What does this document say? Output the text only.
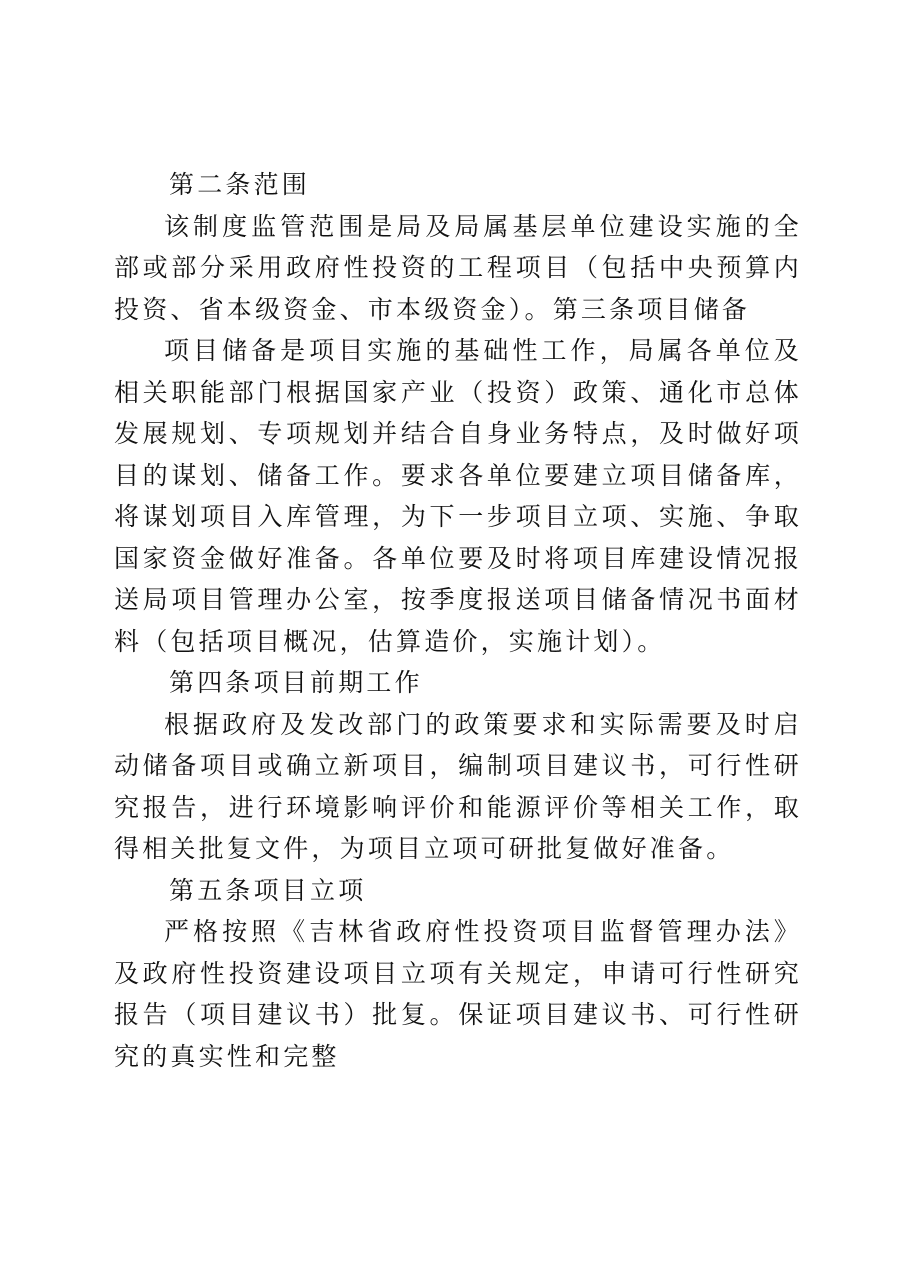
第二条范围

该制度监管范围是局及局属基层单位建设实施的全部或部分采用政府性投资的工程项目（包括中央预算内投资、省本级资金、市本级资金）。第三条项目储备

项目储备是项目实施的基础性工作，局属各单位及相关职能部门根据国家产业（投资）政策、通化市总体发展规划、专项规划并结合自身业务特点，及时做好项目的谋划、储备工作。要求各单位要建立项目储备库，将谋划项目入库管理，为下一步项目立项、实施、争取国家资金做好准备。各单位要及时将项目库建设情况报送局项目管理办公室，按季度报送项目储备情况书面材料（包括项目概况，估算造价，实施计划）。

第四条项目前期工作

根据政府及发改部门的政策要求和实际需要及时启动储备项目或确立新项目，编制项目建议书，可行性研究报告，进行环境影响评价和能源评价等相关工作，取得相关批复文件，为项目立项可研批复做好准备。

第五条项目立项

严格按照《吉林省政府性投资项目监督管理办法》及政府性投资建设项目立项有关规定，申请可行性研究报告（项目建议书）批复。保证项目建议书、可行性研究的真实性和完整
